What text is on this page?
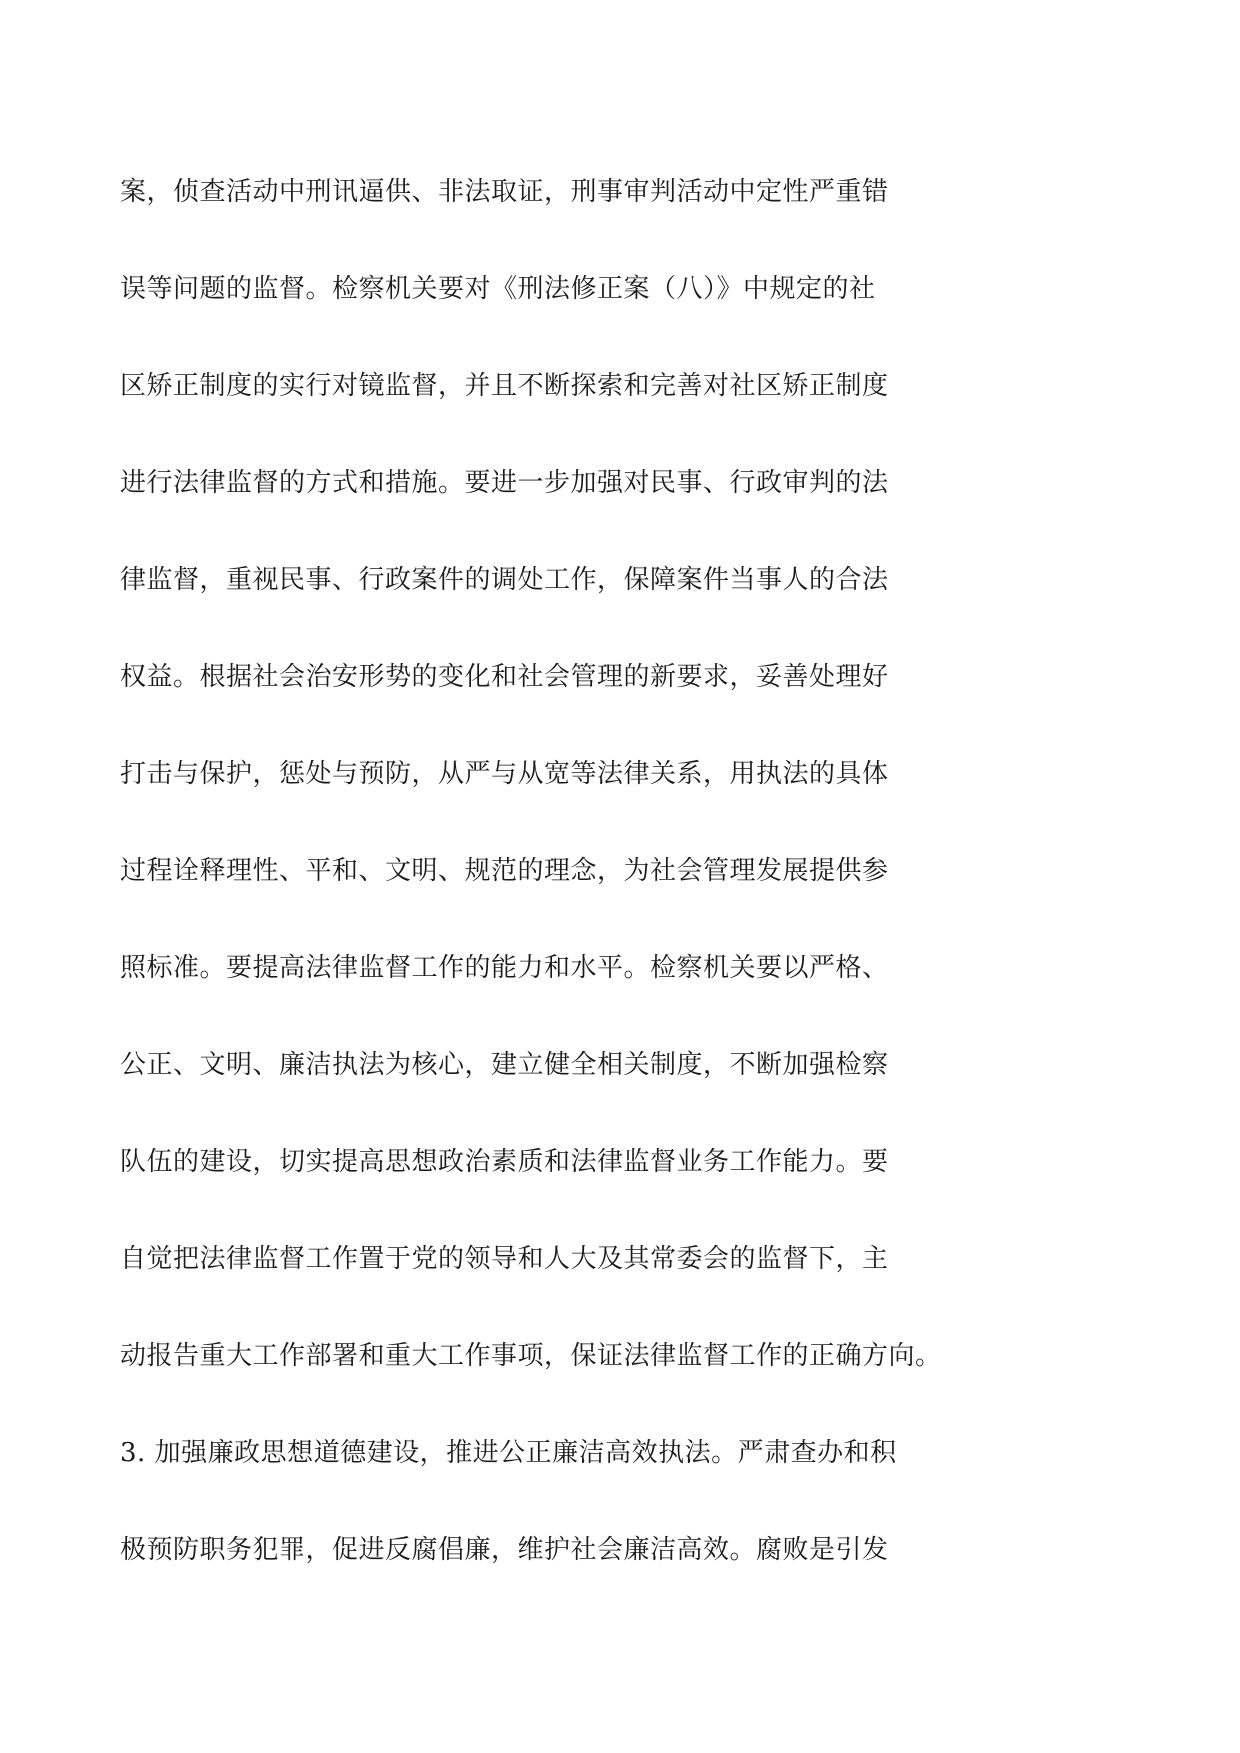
案，侦查活动中刑讯逼供、非法取证，刑事审判活动中定性严重错
误等问题的监督。检察机关要对《刑法修正案（八）》中规定的社
区矫正制度的实行对镜监督，并且不断探索和完善对社区矫正制度
进行法律监督的方式和措施。要进一步加强对民事、行政审判的法
律监督，重视民事、行政案件的调处工作，保障案件当事人的合法
权益。根据社会治安形势的变化和社会管理的新要求，妥善处理好
打击与保护，惩处与预防，从严与从宽等法律关系，用执法的具体
过程诠释理性、平和、文明、规范的理念，为社会管理发展提供参
照标准。要提高法律监督工作的能力和水平。检察机关要以严格、
公正、文明、廉洁执法为核心，建立健全相关制度，不断加强检察
队伍的建设，切实提高思想政治素质和法律监督业务工作能力。要
自觉把法律监督工作置于党的领导和人大及其常委会的监督下，主
动报告重大工作部署和重大工作事项，保证法律监督工作的正确方向。
3. 加强廉政思想道德建设，推进公正廉洁高效执法。严肃查办和积
极预防职务犯罪，促进反腐倡廉，维护社会廉洁高效。腐败是引发
